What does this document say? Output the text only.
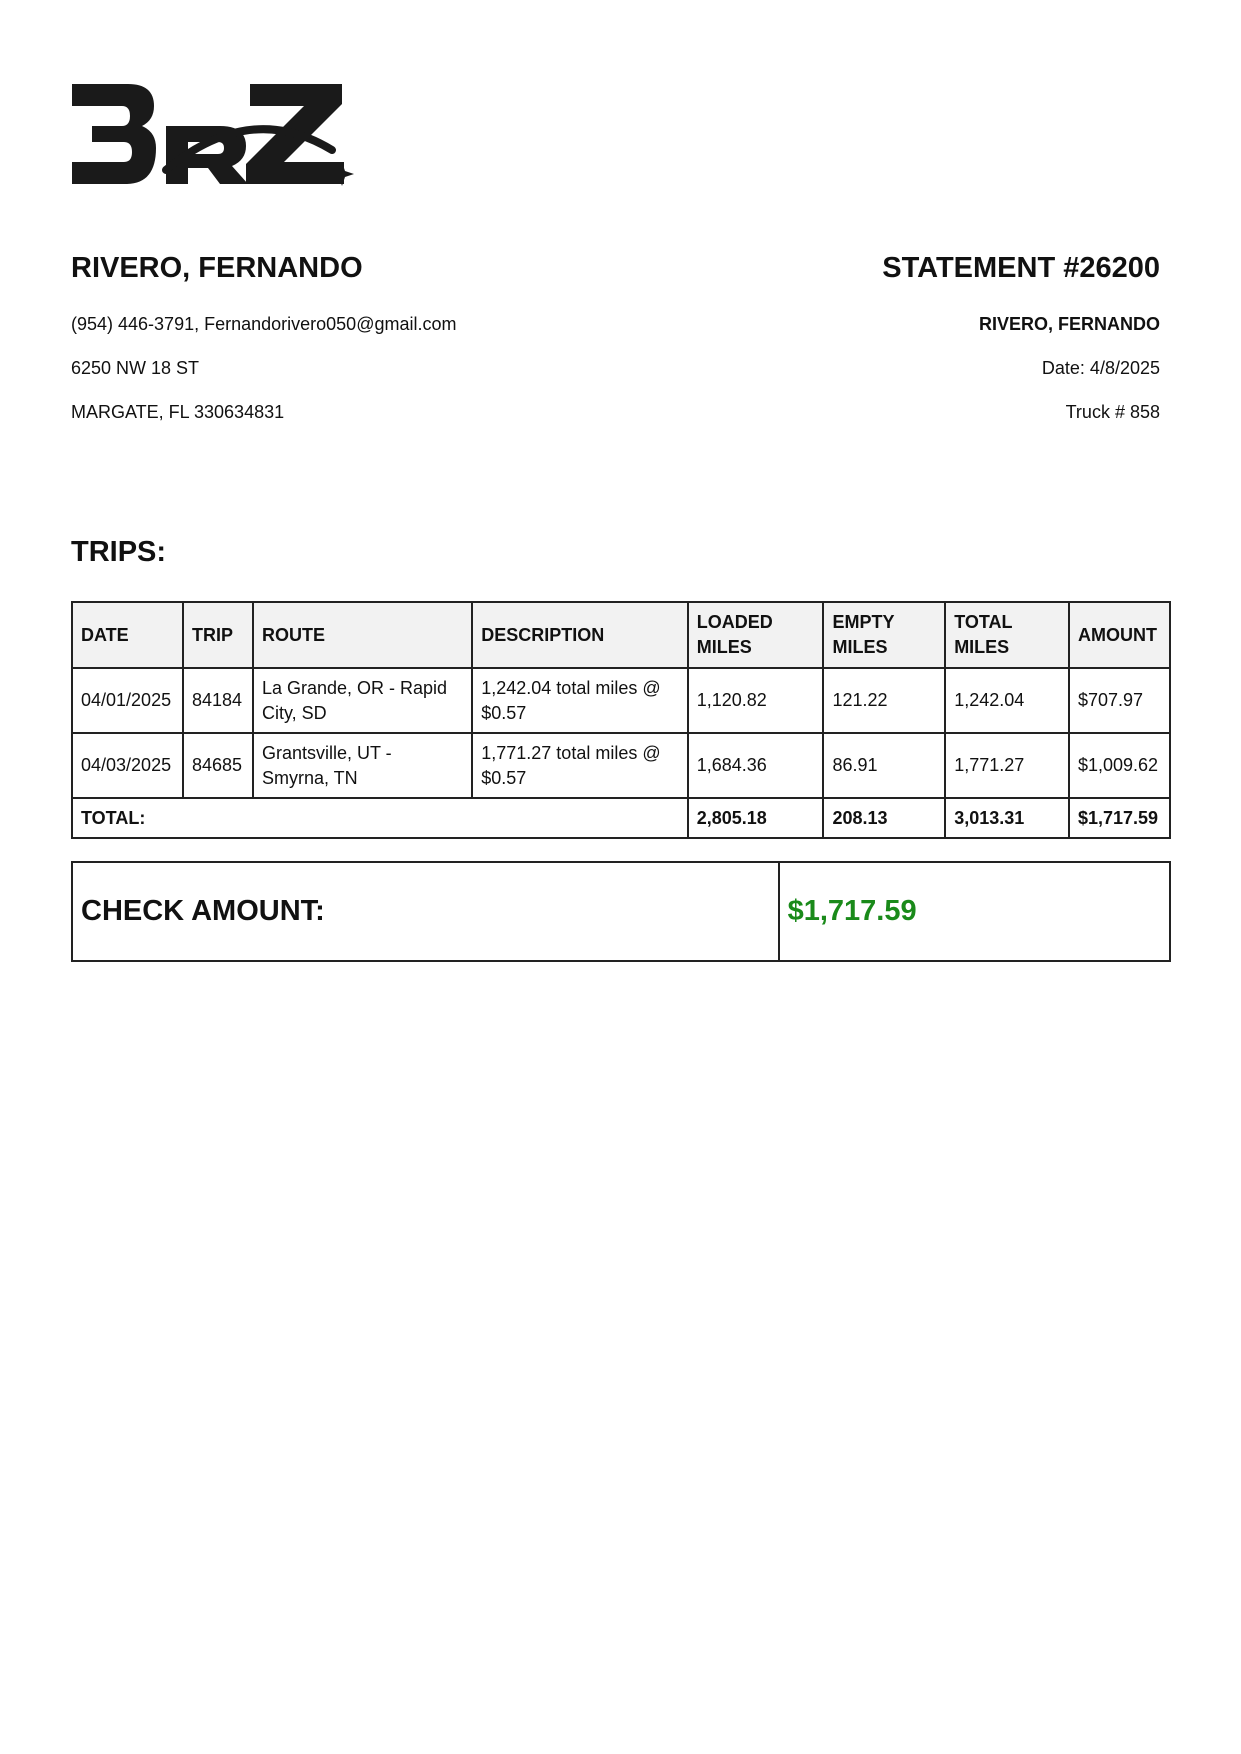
RIVERO, FERNANDO	STATEMENT #26200
(954) 446-3791, Fernandorivero050@gmail.com
6250 NW 18 ST
MARGATE, FL 330634831
RIVERO, FERNANDO
Date: 4/8/2025
Truck # 858
TRIPS:
DATE	TRIP	ROUTE	DESCRIPTION	LOADED MILES	EMPTY MILES	TOTAL MILES	AMOUNT
04/01/2025	84184	La Grande, OR - Rapid City, SD	1,242.04 total miles @ $0.57	1,120.82	121.22	1,242.04	$707.97
04/03/2025	84685	Grantsville, UT - Smyrna, TN	1,771.27 total miles @ $0.57	1,684.36	86.91	1,771.27	$1,009.62
TOTAL:				2,805.18	208.13	3,013.31	$1,717.59
CHECK AMOUNT:	$1,717.59
